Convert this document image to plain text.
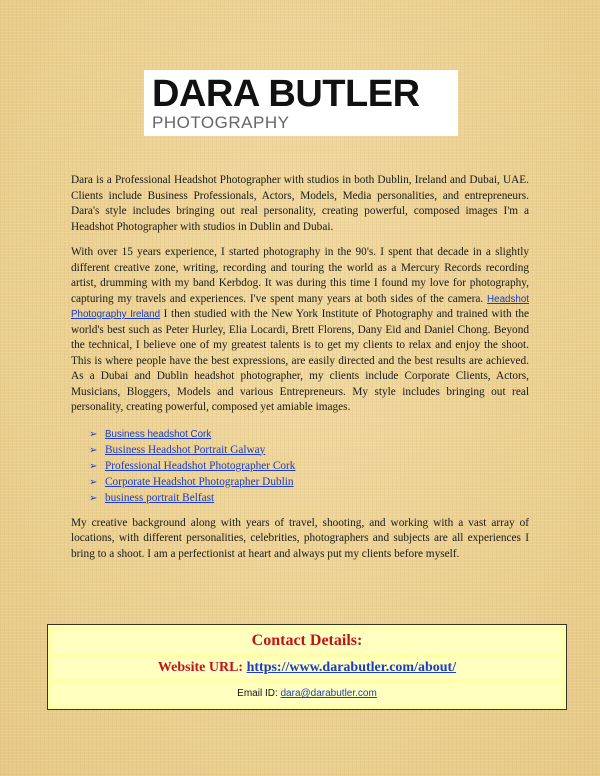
DARA BUTLER
PHOTOGRAPHY

Dara is a Professional Headshot Photographer with studios in both Dublin, Ireland and Dubai, UAE. Clients include Business Professionals, Actors, Models, Media personalities, and entrepreneurs. Dara's style includes bringing out real personality, creating powerful, composed images I'm a Headshot Photographer with studios in Dublin and Dubai.

With over 15 years experience, I started photography in the 90's. I spent that decade in a slightly different creative zone, writing, recording and touring the world as a Mercury Records recording artist, drumming with my band Kerbdog. It was during this time I found my love for photography, capturing my travels and experiences. I've spent many years at both sides of the camera. Headshot Photography Ireland I then studied with the New York Institute of Photography and trained with the world's best such as Peter Hurley, Elia Locardi, Brett Florens, Dany Eid and Daniel Chong. Beyond the technical, I believe one of my greatest talents is to get my clients to relax and enjoy the shoot. This is where people have the best expressions, are easily directed and the best results are achieved. As a Dubai and Dublin headshot photographer, my clients include Corporate Clients, Actors, Musicians, Bloggers, Models and various Entrepreneurs. My style includes bringing out real personality, creating powerful, composed yet amiable images.

➢ Business headshot Cork
➢ Business Headshot Portrait Galway
➢ Professional Headshot Photographer Cork
➢ Corporate Headshot Photographer Dublin
➢ business portrait Belfast

My creative background along with years of travel, shooting, and working with a vast array of locations, with different personalities, celebrities, photographers and subjects are all experiences I bring to a shoot. I am a perfectionist at heart and always put my clients before myself.

Contact Details:
Website URL: https://www.darabutler.com/about/
Email ID: dara@darabutler.com
